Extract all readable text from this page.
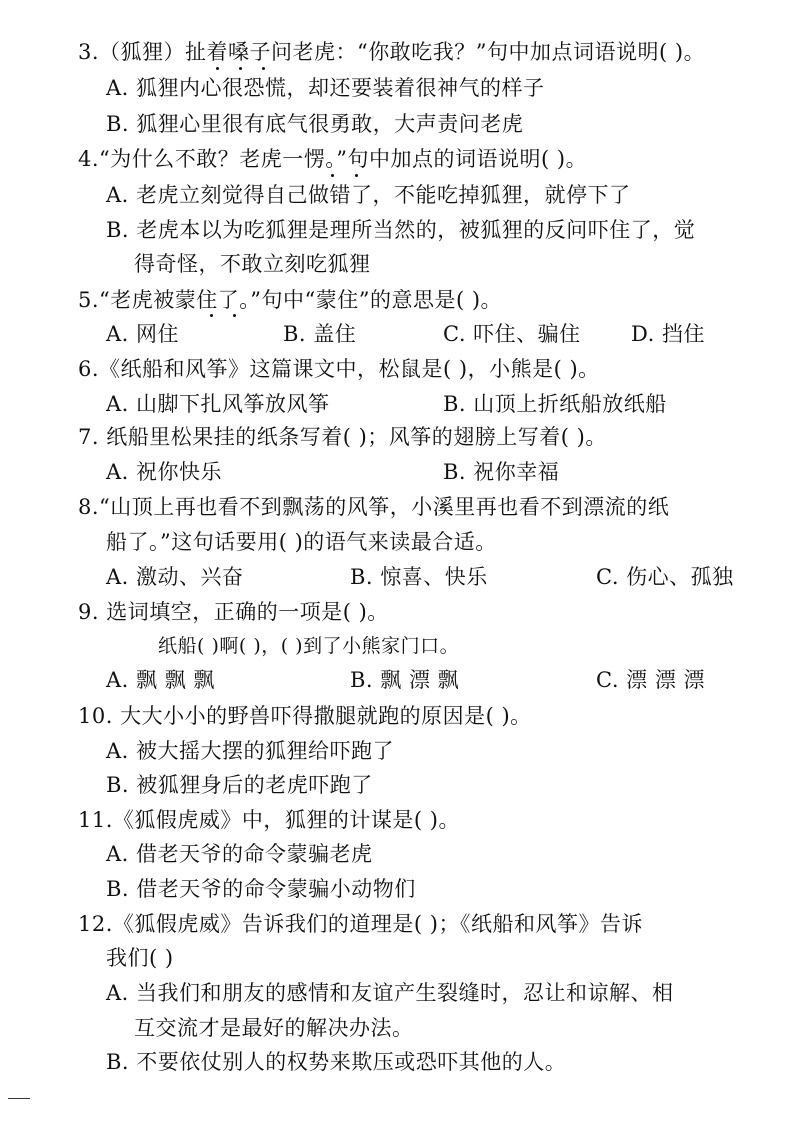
3.（狐狸）扯着嗓子问老虎：“你敢吃我？”句中加点词语说明( )。
A. 狐狸内心很恐慌，却还要装着很神气的样子
B. 狐狸心里很有底气很勇敢，大声责问老虎
4.“为什么不敢？老虎一愣。”句中加点的词语说明( )。
A. 老虎立刻觉得自己做错了，不能吃掉狐狸，就停下了
B. 老虎本以为吃狐狸是理所当然的，被狐狸的反问吓住了，觉
得奇怪，不敢立刻吃狐狸
5.“老虎被蒙住了。”句中“蒙住”的意思是( )。
A. 网住	B. 盖住	C. 吓住、骗住 D. 挡住
6.《纸船和风筝》这篇课文中，松鼠是( )，小熊是( )。
A. 山脚下扎风筝放风筝	B. 山顶上折纸船放纸船
7. 纸船里松果挂的纸条写着( )；风筝的翅膀上写着( )。
A. 祝你快乐	B. 祝你幸福
8.“山顶上再也看不到飘荡的风筝，小溪里再也看不到漂流的纸
船了。”这句话要用( )的语气来读最合适。
A. 激动、兴奋	B. 惊喜、快乐	C. 伤心、孤独
9. 选词填空，正确的一项是( )。
纸船( )啊( )，( )到了小熊家门口。
A. 飘 飘 飘	B. 飘 漂 飘	C. 漂 漂 漂
10. 大大小小的野兽吓得撒腿就跑的原因是( )。
A. 被大摇大摆的狐狸给吓跑了
B. 被狐狸身后的老虎吓跑了
11.《狐假虎威》中，狐狸的计谋是( )。
A. 借老天爷的命令蒙骗老虎
B. 借老天爷的命令蒙骗小动物们
12.《狐假虎威》告诉我们的道理是( )；《纸船和风筝》告诉
我们( )
A. 当我们和朋友的感情和友谊产生裂缝时，忍让和谅解、相
互交流才是最好的解决办法。
B. 不要依仗别人的权势来欺压或恐吓其他的人。
